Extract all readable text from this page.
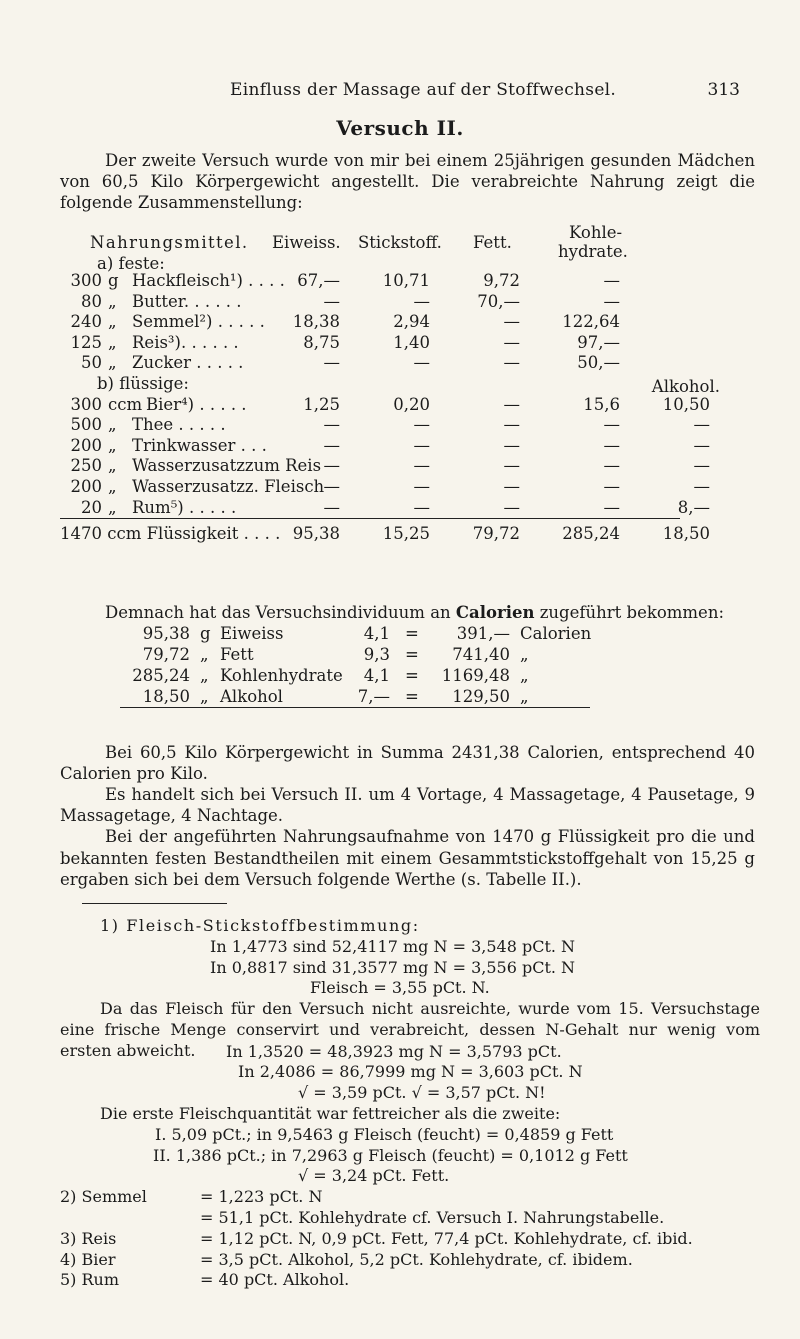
Einfluss der Massage auf der Stoffwechsel.	313
Versuch II.

Der zweite Versuch wurde von mir bei einem 25jährigen gesunden Mädchen von 60,5 Kilo Körpergewicht angestellt. Die verabreichte Nahrung zeigt die folgende Zusammenstellung:

Nahrungsmittel.
a) feste:
Eiweiss. Stickstoff. Fett.
Kohle-
hydrate.
300 g Hackfleisch¹) . . . . 67,—	10,71	9,72	—
80 „ Butter. . . . . .	—	—	70,—	—
240 „ Semmel²) . . . . .	18,38	2,94	—	122,64
125 „ Reis³). . . . . .	8,75	1,40	—	97,—
50 „ Zucker . . . . .	—	—	—	50,—
b) flüssige:	Alkohol.
300 ccm Bier⁴) . . . . .	1,25	0,20	—	15,6	10,50
500 „ Thee . . . . .	—	—	—	—	—
200 „ Trinkwasser . . .	—	—	—	—	—
250 „ Wasserzusatzzum Reis —	—	—	—	—
200 „ Wasserzusatzz. Fleisch —	—	—	—	—
20 „ Rum⁵) . . . . .	—	—	—	—	8,—
1470 ccm Flüssigkeit . . . . 95,38	15,25	79,72	285,24	18,50

Demnach hat das Versuchsindividuum an Calorien zugeführt bekommen:

95,38 g Eiweiss	4,1 =	391,— Calorien
79,72 „ Fett	9,3 =	741,40 „
285,24 „ Kohlenhydrate	4,1 =	1169,48 „
18,50 „ Alkohol	7,— =	129,50 „

Bei 60,5 Kilo Körpergewicht in Summa 2431,38 Calorien, entsprechend 40 Calorien pro Kilo.

Es handelt sich bei Versuch II. um 4 Vortage, 4 Massagetage, 4 Pausetage, 9 Massagetage, 4 Nachtage.

Bei der angeführten Nahrungsaufnahme von 1470 g Flüssigkeit pro die und bekannten festen Bestandtheilen mit einem Gesammtstickstoffgehalt von 15,25 g ergaben sich bei dem Versuch folgende Werthe (s. Tabelle II.).

1) Fleisch-Stickstoffbestimmung:
In 1,4773 sind 52,4117 mg N = 3,548 pCt. N
In 0,8817 sind 31,3577 mg N = 3,556 pCt. N
Fleisch = 3,55 pCt. N.
Da das Fleisch für den Versuch nicht ausreichte, wurde vom 15. Versuchstage eine frische Menge conservirt und verabreicht, dessen N-Gehalt nur wenig vom ersten abweicht.	In 1,3520 = 48,3923 mg N = 3,5793 pCt.
In 2,4086 = 86,7999 mg N = 3,603 pCt. N
√ = 3,59 pCt. √ = 3,57 pCt. N!
Die erste Fleischquantität war fettreicher als die zweite:
I. 5,09 pCt.; in 9,5463 g Fleisch (feucht) = 0,4859 g Fett
II. 1,386 pCt.; in 7,2963 g Fleisch (feucht) = 0,1012 g Fett
√ = 3,24 pCt. Fett.
2) Semmel	= 1,223 pCt. N
= 51,1 pCt. Kohlehydrate cf. Versuch I. Nahrungstabelle.
3) Reis	= 1,12 pCt. N, 0,9 pCt. Fett, 77,4 pCt. Kohlehydrate, cf. ibid.
4) Bier	= 3,5 pCt. Alkohol, 5,2 pCt. Kohlehydrate, cf. ibidem.
5) Rum	= 40 pCt. Alkohol.
